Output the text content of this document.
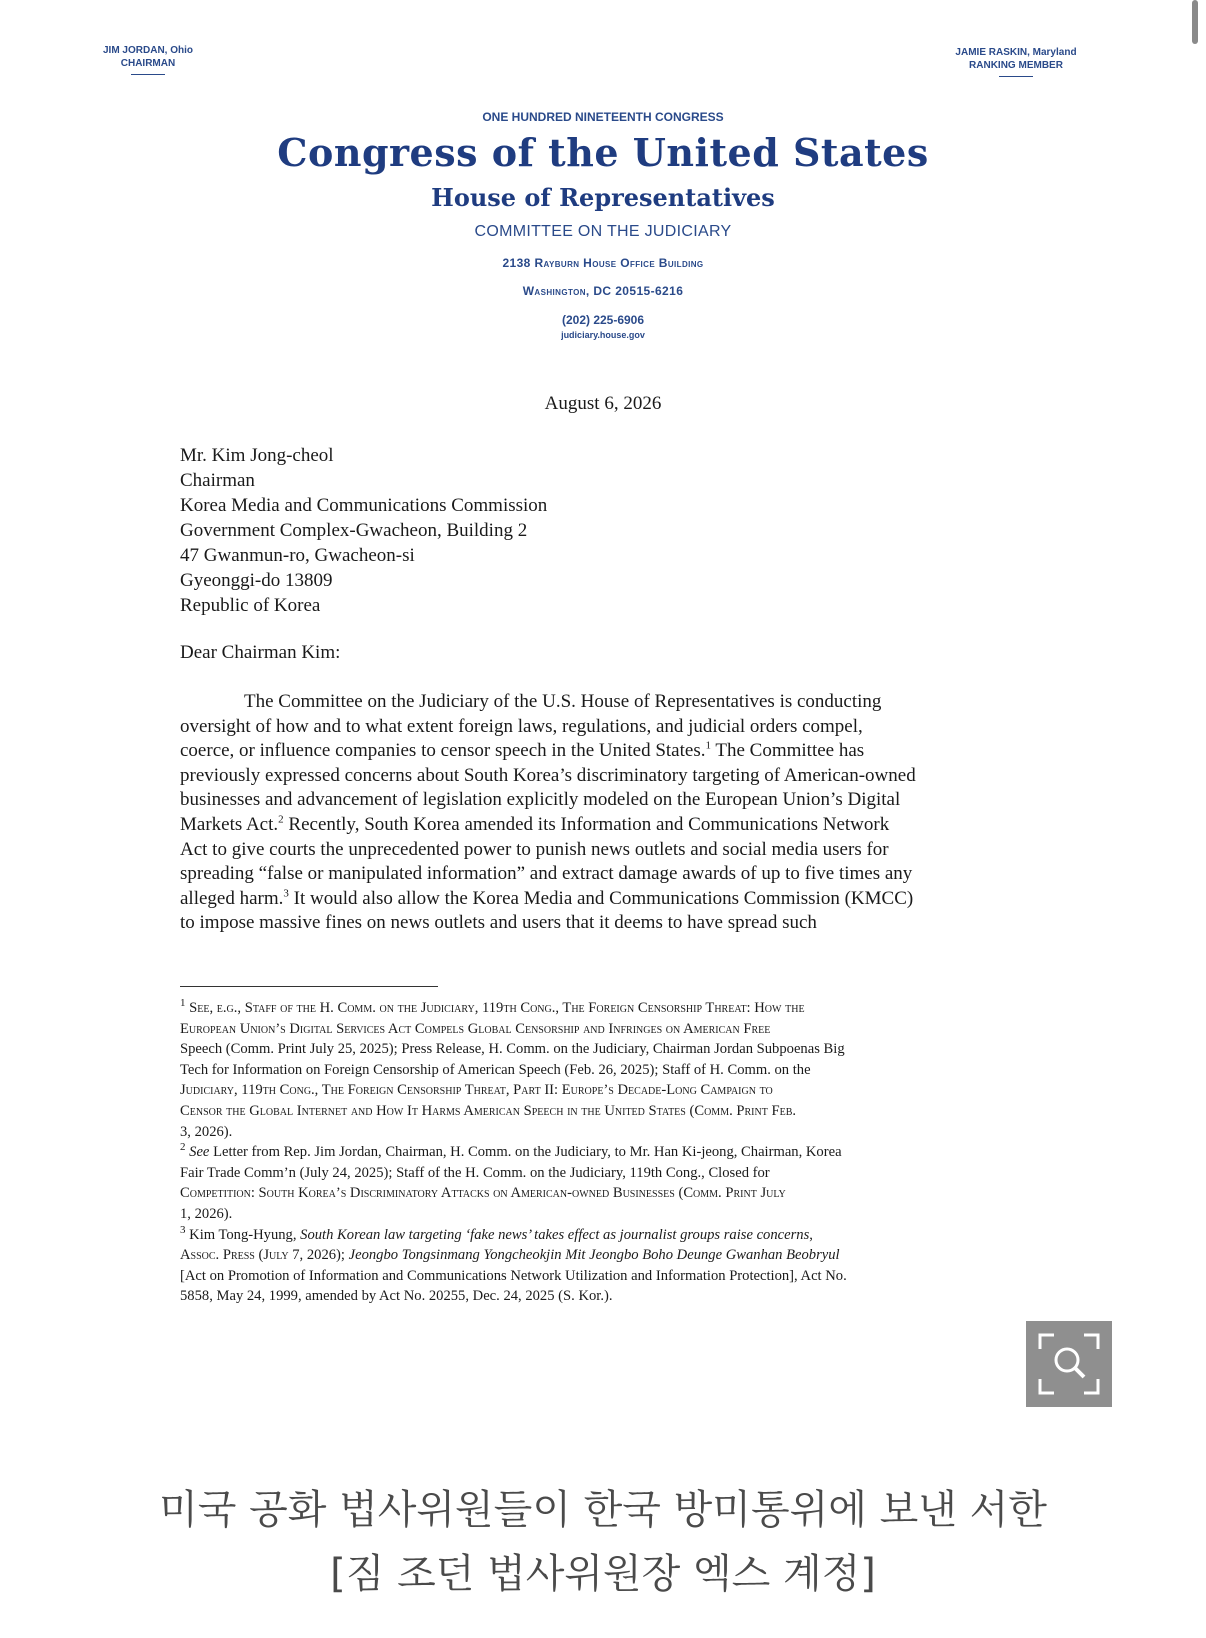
JIM JORDAN, Ohio
CHAIRMAN
JAMIE RASKIN, Maryland
RANKING MEMBER
ONE HUNDRED NINETEENTH CONGRESS
Congress of the United States
House of Representatives
COMMITTEE ON THE JUDICIARY
2138 Rayburn House Office Building
Washington, DC 20515-6216
(202) 225-6906
judiciary.house.gov
August 6, 2026
Mr. Kim Jong-cheol
Chairman
Korea Media and Communications Commission
Government Complex-Gwacheon, Building 2
47 Gwanmun-ro, Gwacheon-si
Gyeonggi-do 13809
Republic of Korea
Dear Chairman Kim:
The Committee on the Judiciary of the U.S. House of Representatives is conducting
oversight of how and to what extent foreign laws, regulations, and judicial orders compel,
coerce, or influence companies to censor speech in the United States.$^1$ The Committee has
previously expressed concerns about South Korea’s discriminatory targeting of American-owned
businesses and advancement of legislation explicitly modeled on the European Union’s Digital
Markets Act.$^2$ Recently, South Korea amended its Information and Communications Network
Act to give courts the unprecedented power to punish news outlets and social media users for
spreading “false or manipulated information” and extract damage awards of up to five times any
alleged harm.$^3$ It would also allow the Korea Media and Communications Commission (KMCC)
to impose massive fines on news outlets and users that it deems to have spread such
$^1$ See, e.g., Staff of the H. Comm. on the Judiciary, 119th Cong., The Foreign Censorship Threat: How the
European Union’s Digital Services Act Compels Global Censorship and Infringes on American Free
Speech (Comm. Print July 25, 2025); Press Release, H. Comm. on the Judiciary, Chairman Jordan Subpoenas Big
Tech for Information on Foreign Censorship of American Speech (Feb. 26, 2025); Staff of H. Comm. on the
Judiciary, 119th Cong., The Foreign Censorship Threat, Part II: Europe’s Decade-Long Campaign to
Censor the Global Internet and How It Harms American Speech in the United States (Comm. Print Feb.
3, 2026).
$^2$ See Letter from Rep. Jim Jordan, Chairman, H. Comm. on the Judiciary, to Mr. Han Ki-jeong, Chairman, Korea
Fair Trade Comm’n (July 24, 2025); Staff of the H. Comm. on the Judiciary, 119th Cong., Closed for
Competition: South Korea’s Discriminatory Attacks on American-owned Businesses (Comm. Print July
1, 2026).
$^3$ Kim Tong-Hyung, South Korean law targeting ‘fake news’ takes effect as journalist groups raise concerns,
Assoc. Press (July 7, 2026); Jeongbo Tongsinmang Yongcheokjin Mit Jeongbo Boho Deunge Gwanhan Beobryul
[Act on Promotion of Information and Communications Network Utilization and Information Protection], Act No.
5858, May 24, 1999, amended by Act No. 20255, Dec. 24, 2025 (S. Kor.).
미국 공화 법사위원들이 한국 방미통위에 보낸 서한
[짐 조던 법사위원장 엑스 계정]
